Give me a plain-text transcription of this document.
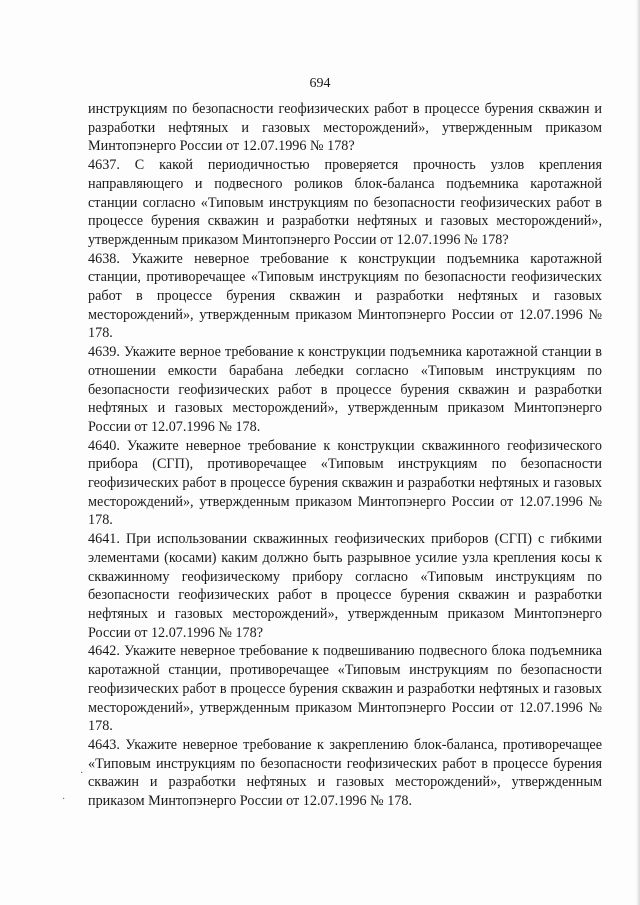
694

инструкциям по безопасности геофизических работ в процессе бурения скважин и разработки нефтяных и газовых месторождений», утвержденным приказом Минтопэнерго России от 12.07.1996 № 178?

4637. С какой периодичностью проверяется прочность узлов крепления направляющего и подвесного роликов блок-баланса подъемника каротажной станции согласно «Типовым инструкциям по безопасности геофизических работ в процессе бурения скважин и разработки нефтяных и газовых месторождений», утвержденным приказом Минтопэнерго России от 12.07.1996 № 178?

4638. Укажите неверное требование к конструкции подъемника каротажной станции, противоречащее «Типовым инструкциям по безопасности геофизических работ в процессе бурения скважин и разработки нефтяных и газовых месторождений», утвержденным приказом Минтопэнерго России от 12.07.1996 № 178.

4639. Укажите верное требование к конструкции подъемника каротажной станции в отношении емкости барабана лебедки согласно «Типовым инструкциям по безопасности геофизических работ в процессе бурения скважин и разработки нефтяных и газовых месторождений», утвержденным приказом Минтопэнерго России от 12.07.1996 № 178.

4640. Укажите неверное требование к конструкции скважинного геофизического прибора (СГП), противоречащее «Типовым инструкциям по безопасности геофизических работ в процессе бурения скважин и разработки нефтяных и газовых месторождений», утвержденным приказом Минтопэнерго России от 12.07.1996 № 178.

4641. При использовании скважинных геофизических приборов (СГП) с гибкими элементами (косами) каким должно быть разрывное усилие узла крепления косы к скважинному геофизическому прибору согласно «Типовым инструкциям по безопасности геофизических работ в процессе бурения скважин и разработки нефтяных и газовых месторождений», утвержденным приказом Минтопэнерго России от 12.07.1996 № 178?

4642. Укажите неверное требование к подвешиванию подвесного блока подъемника каротажной станции, противоречащее «Типовым инструкциям по безопасности геофизических работ в процессе бурения скважин и разработки нефтяных и газовых месторождений», утвержденным приказом Минтопэнерго России от 12.07.1996 № 178.

4643. Укажите неверное требование к закреплению блок-баланса, противоречащее «Типовым инструкциям по безопасности геофизических работ в процессе бурения скважин и разработки нефтяных и газовых месторождений», утвержденным приказом Минтопэнерго России от 12.07.1996 № 178.

·
·
